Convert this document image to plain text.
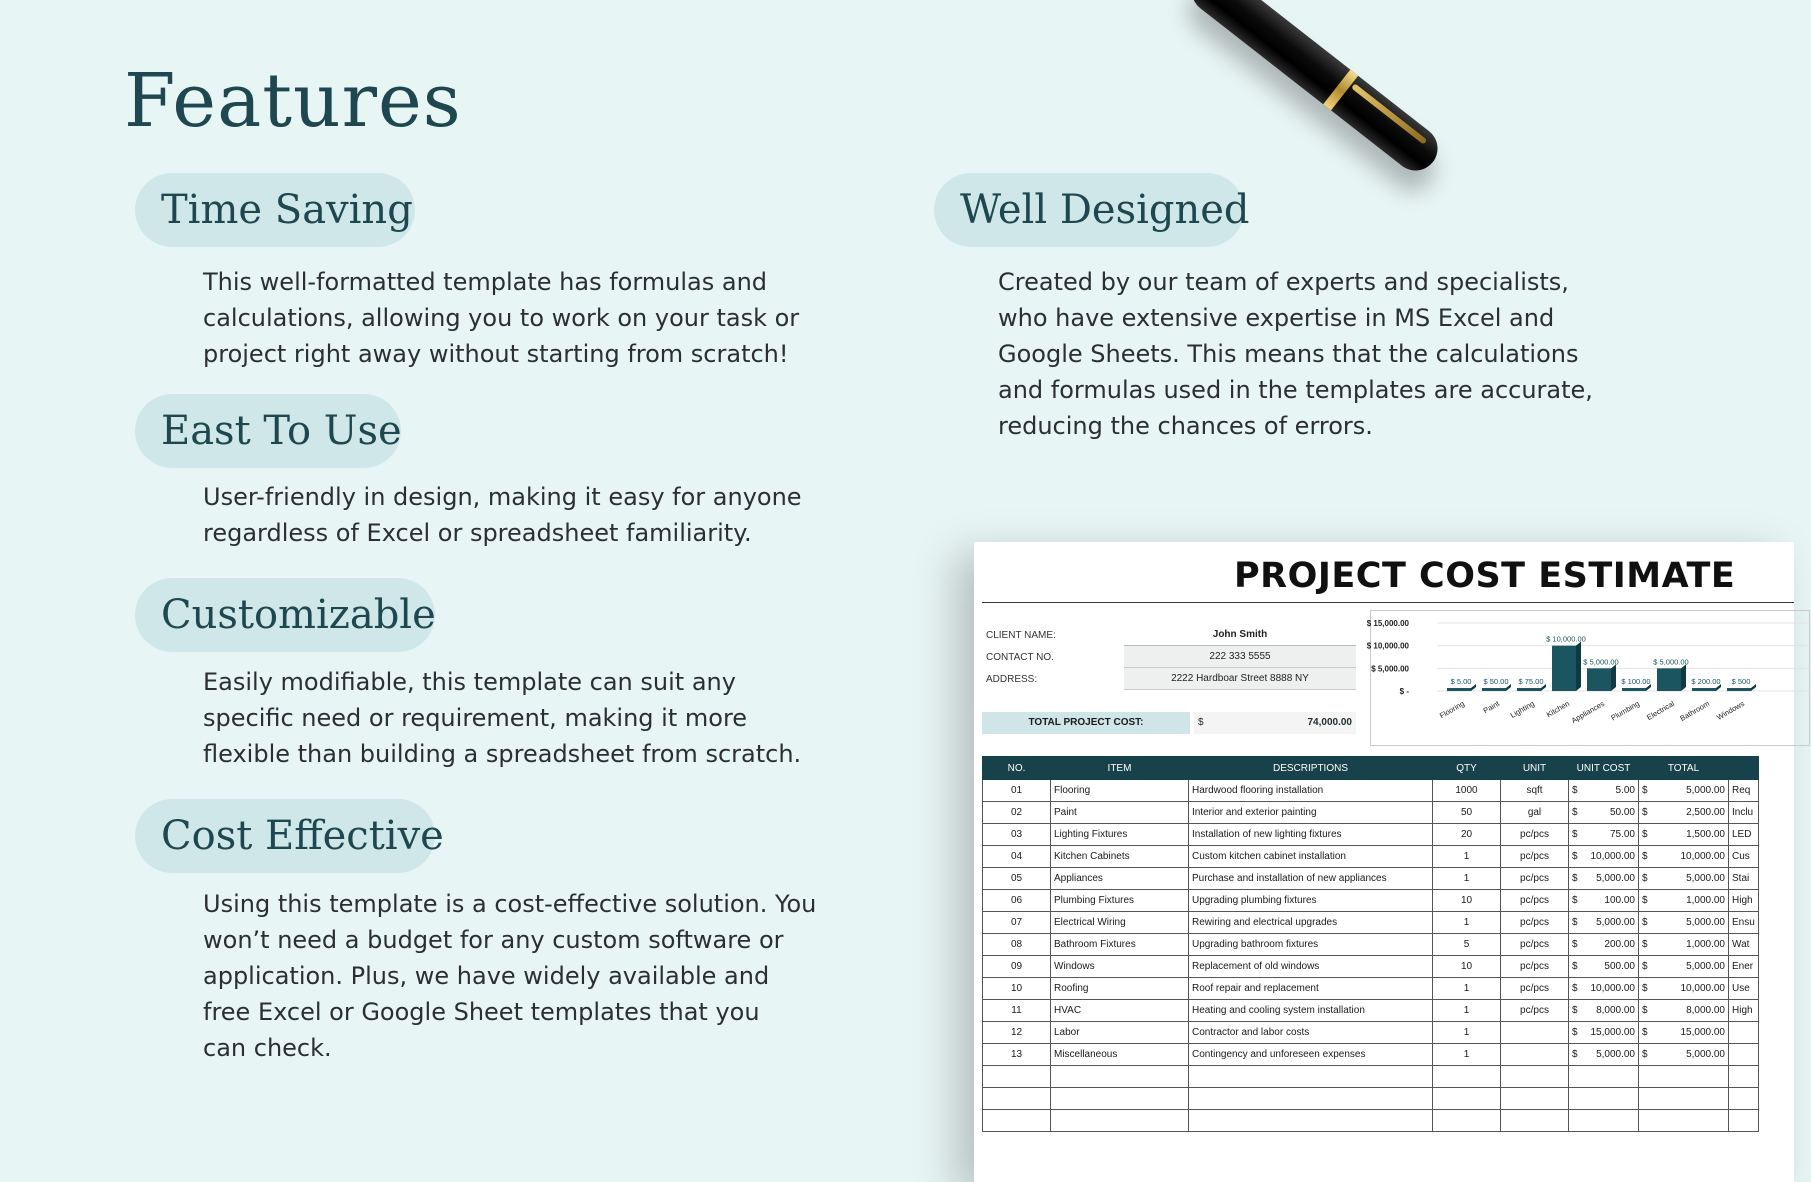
Features
Time Saving
This well-formatted template has formulas and
calculations, allowing you to work on your task or
project right away without starting from scratch!
East To Use
User-friendly in design, making it easy for anyone
regardless of Excel or spreadsheet familiarity.
Customizable
Easily modifiable, this template can suit any
specific need or requirement, making it more
flexible than building a spreadsheet from scratch.
Cost Effective
Using this template is a cost-effective solution. You
won’t need a budget for any custom software or
application. Plus, we have widely available and
free Excel or Google Sheet templates that you
can check.
Well Designed
Created by our team of experts and specialists,
who have extensive expertise in MS Excel and
Google Sheets. This means that the calculations
and formulas used in the templates are accurate,
reducing the chances of errors.
PROJECT COST ESTIMATE
CLIENT NAME:	John Smith
CONTACT NO.	222 333 5555
ADDRESS:	2222 Hardboar Street 8888 NY
TOTAL PROJECT COST:	$	74,000.00
$ 15,000.00
$ 10,000.00
$ 5,000.00
$ -
$ 5.00
Flooring
$ 50.00
Paint
$ 75.00
Lighting
$ 10,000.00
Kitchen
$ 5,000.00
Appliances
$ 100.00
Plumbing
$ 5,000.00
Electrical
$ 200.00
Bathroom
$ 500
Windows
NO.	ITEM	DESCRIPTIONS	QTY	UNIT	UNIT COST		TOTAL		
01	Flooring	Hardwood flooring installation	1000	sqft	$	5.00	$	5,000.00	Req
02	Paint	Interior and exterior painting	50	gal	$	50.00	$	2,500.00	Inclu
03	Lighting Fixtures	Installation of new lighting fixtures	20	pc/pcs	$	75.00	$	1,500.00	LED
04	Kitchen Cabinets	Custom kitchen cabinet installation	1	pc/pcs	$	10,000.00	$	10,000.00	Cus
05	Appliances	Purchase and installation of new appliances	1	pc/pcs	$	5,000.00	$	5,000.00	Stai
06	Plumbing Fixtures	Upgrading plumbing fixtures	10	pc/pcs	$	100.00	$	1,000.00	High
07	Electrical Wiring	Rewiring and electrical upgrades	1	pc/pcs	$	5,000.00	$	5,000.00	Ensu
08	Bathroom Fixtures	Upgrading bathroom fixtures	5	pc/pcs	$	200.00	$	1,000.00	Wat
09	Windows	Replacement of old windows	10	pc/pcs	$	500.00	$	5,000.00	Ener
10	Roofing	Roof repair and replacement	1	pc/pcs	$	10,000.00	$	10,000.00	Use
11	HVAC	Heating and cooling system installation	1	pc/pcs	$	8,000.00	$	8,000.00	High
12	Labor	Contractor and labor costs	1		$	15,000.00	$	15,000.00	
13	Miscellaneous	Contingency and unforeseen expenses	1		$	5,000.00	$	5,000.00	
